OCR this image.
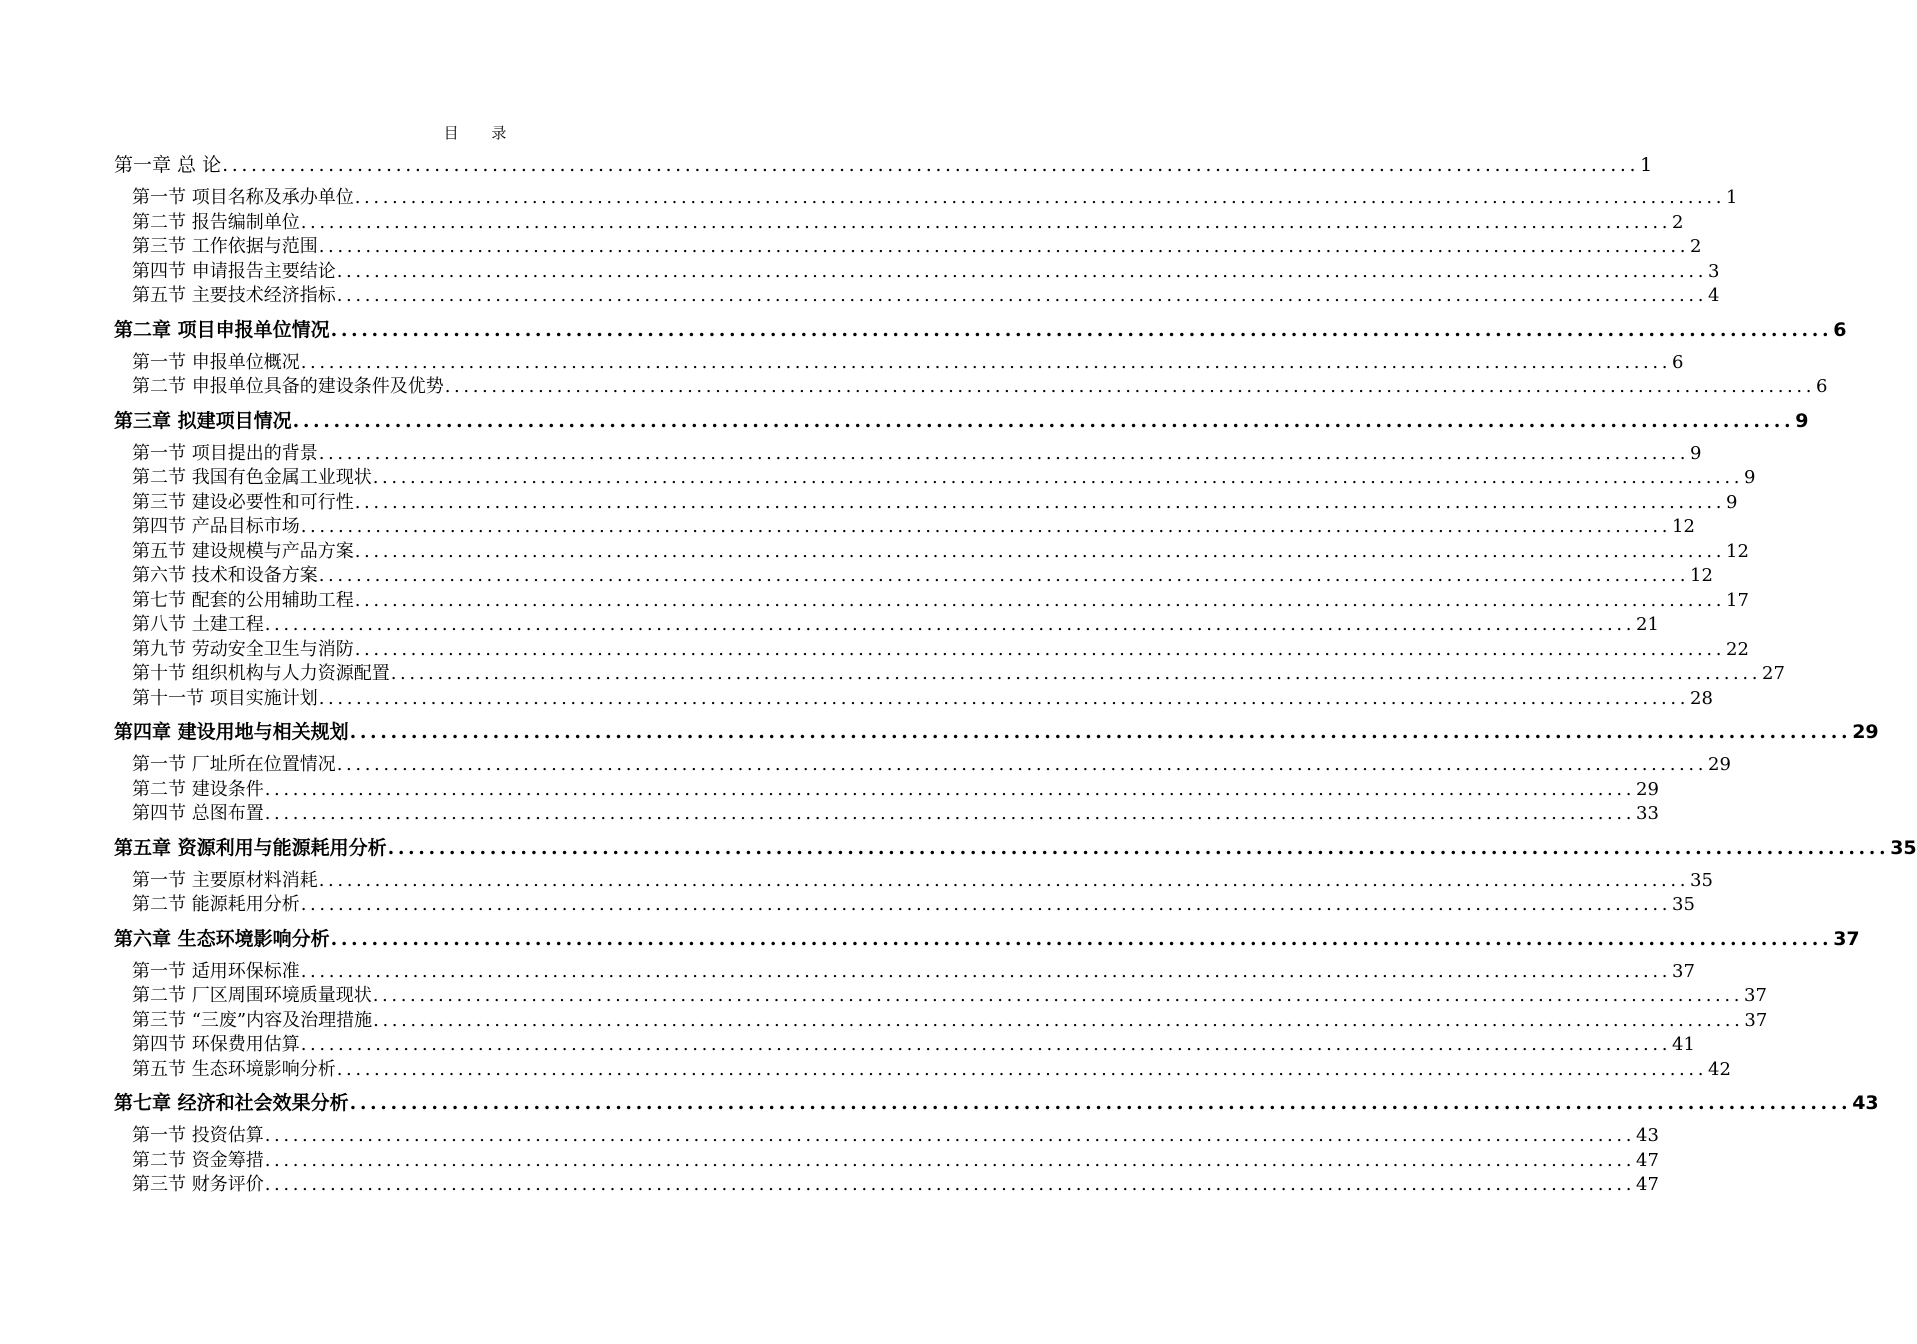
目 录
第一章 总 论 ................................................................................................................................................... 1
第一节 项目名称及承办单位 ................................................................................................................................................... 1
第二节 报告编制单位 ................................................................................................................................................... 2
第三节 工作依据与范围 ................................................................................................................................................... 2
第四节 申请报告主要结论 ................................................................................................................................................... 3
第五节 主要技术经济指标 ................................................................................................................................................... 4
第二章 项目申报单位情况 ................................................................................................................................................... 6
第一节 申报单位概况 ................................................................................................................................................... 6
第二节 申报单位具备的建设条件及优势 ................................................................................................................................................... 6
第三章 拟建项目情况 ................................................................................................................................................... 9
第一节 项目提出的背景 ................................................................................................................................................... 9
第二节 我国有色金属工业现状 ................................................................................................................................................... 9
第三节 建设必要性和可行性 ................................................................................................................................................... 9
第四节 产品目标市场 ................................................................................................................................................... 12
第五节 建设规模与产品方案 ................................................................................................................................................... 12
第六节 技术和设备方案 ................................................................................................................................................... 12
第七节 配套的公用辅助工程 ................................................................................................................................................... 17
第八节 土建工程 ................................................................................................................................................... 21
第九节 劳动安全卫生与消防 ................................................................................................................................................... 22
第十节 组织机构与人力资源配置 ................................................................................................................................................... 27
第十一节 项目实施计划 ................................................................................................................................................... 28
第四章 建设用地与相关规划 ................................................................................................................................................... 29
第一节 厂址所在位置情况 ................................................................................................................................................... 29
第二节 建设条件 ................................................................................................................................................... 29
第四节 总图布置 ................................................................................................................................................... 33
第五章 资源利用与能源耗用分析 ................................................................................................................................................... 35
第一节 主要原材料消耗 ................................................................................................................................................... 35
第二节 能源耗用分析 ................................................................................................................................................... 35
第六章 生态环境影响分析 ................................................................................................................................................... 37
第一节 适用环保标准 ................................................................................................................................................... 37
第二节 厂区周围环境质量现状 ................................................................................................................................................... 37
第三节 “三废”内容及治理措施 ................................................................................................................................................... 37
第四节 环保费用估算 ................................................................................................................................................... 41
第五节 生态环境影响分析 ................................................................................................................................................... 42
第七章 经济和社会效果分析 ................................................................................................................................................... 43
第一节 投资估算 ................................................................................................................................................... 43
第二节 资金筹措 ................................................................................................................................................... 47
第三节 财务评价 ................................................................................................................................................... 47
